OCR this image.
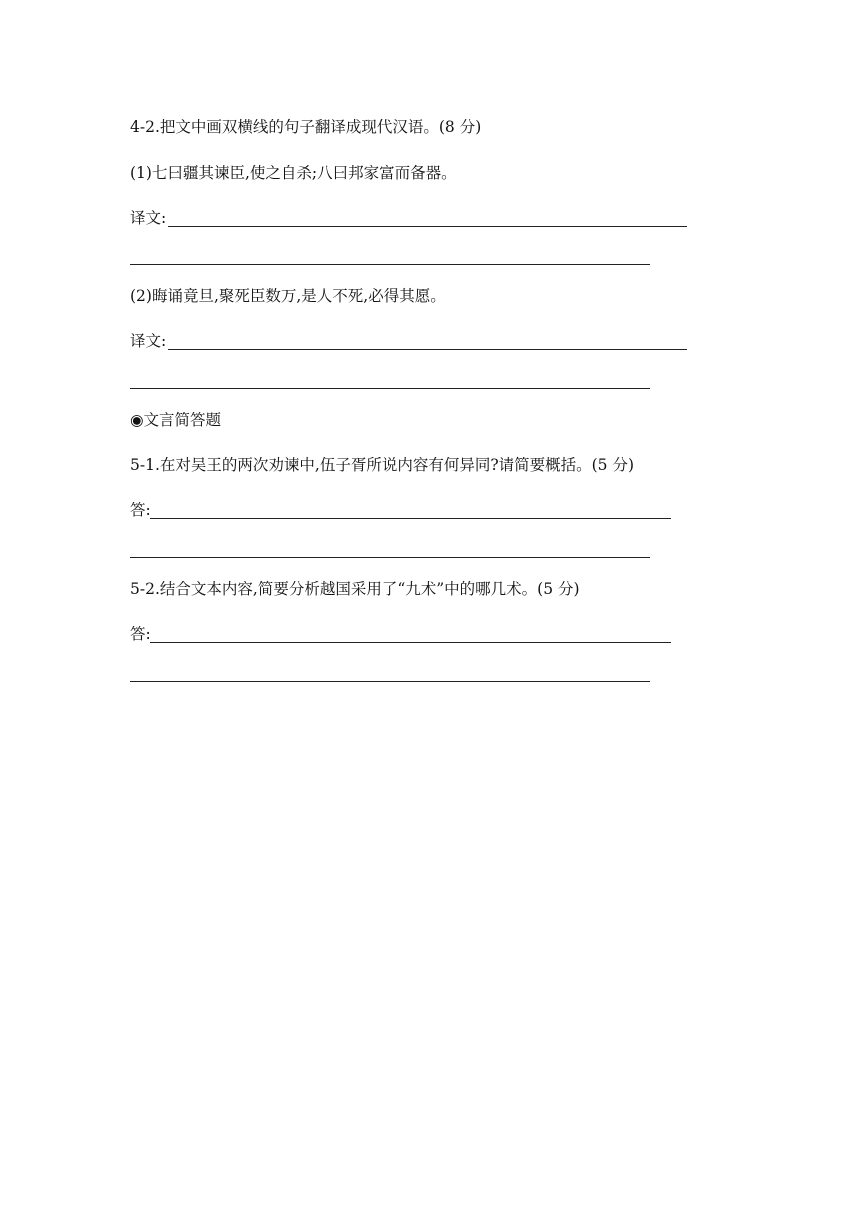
4-2.把文中画双横线的句子翻译成现代汉语。(8 分)
(1)七曰疆其谏臣,使之自杀;八曰邦家富而备器。
译文:
(2)晦诵竟旦,聚死臣数万,是人不死,必得其愿。
译文:
◉文言简答题
5-1.在对吴王的两次劝谏中,伍子胥所说内容有何异同?请简要概括。(5 分)
答:
5-2.结合文本内容,简要分析越国采用了“九术”中的哪几术。(5 分)
答:
